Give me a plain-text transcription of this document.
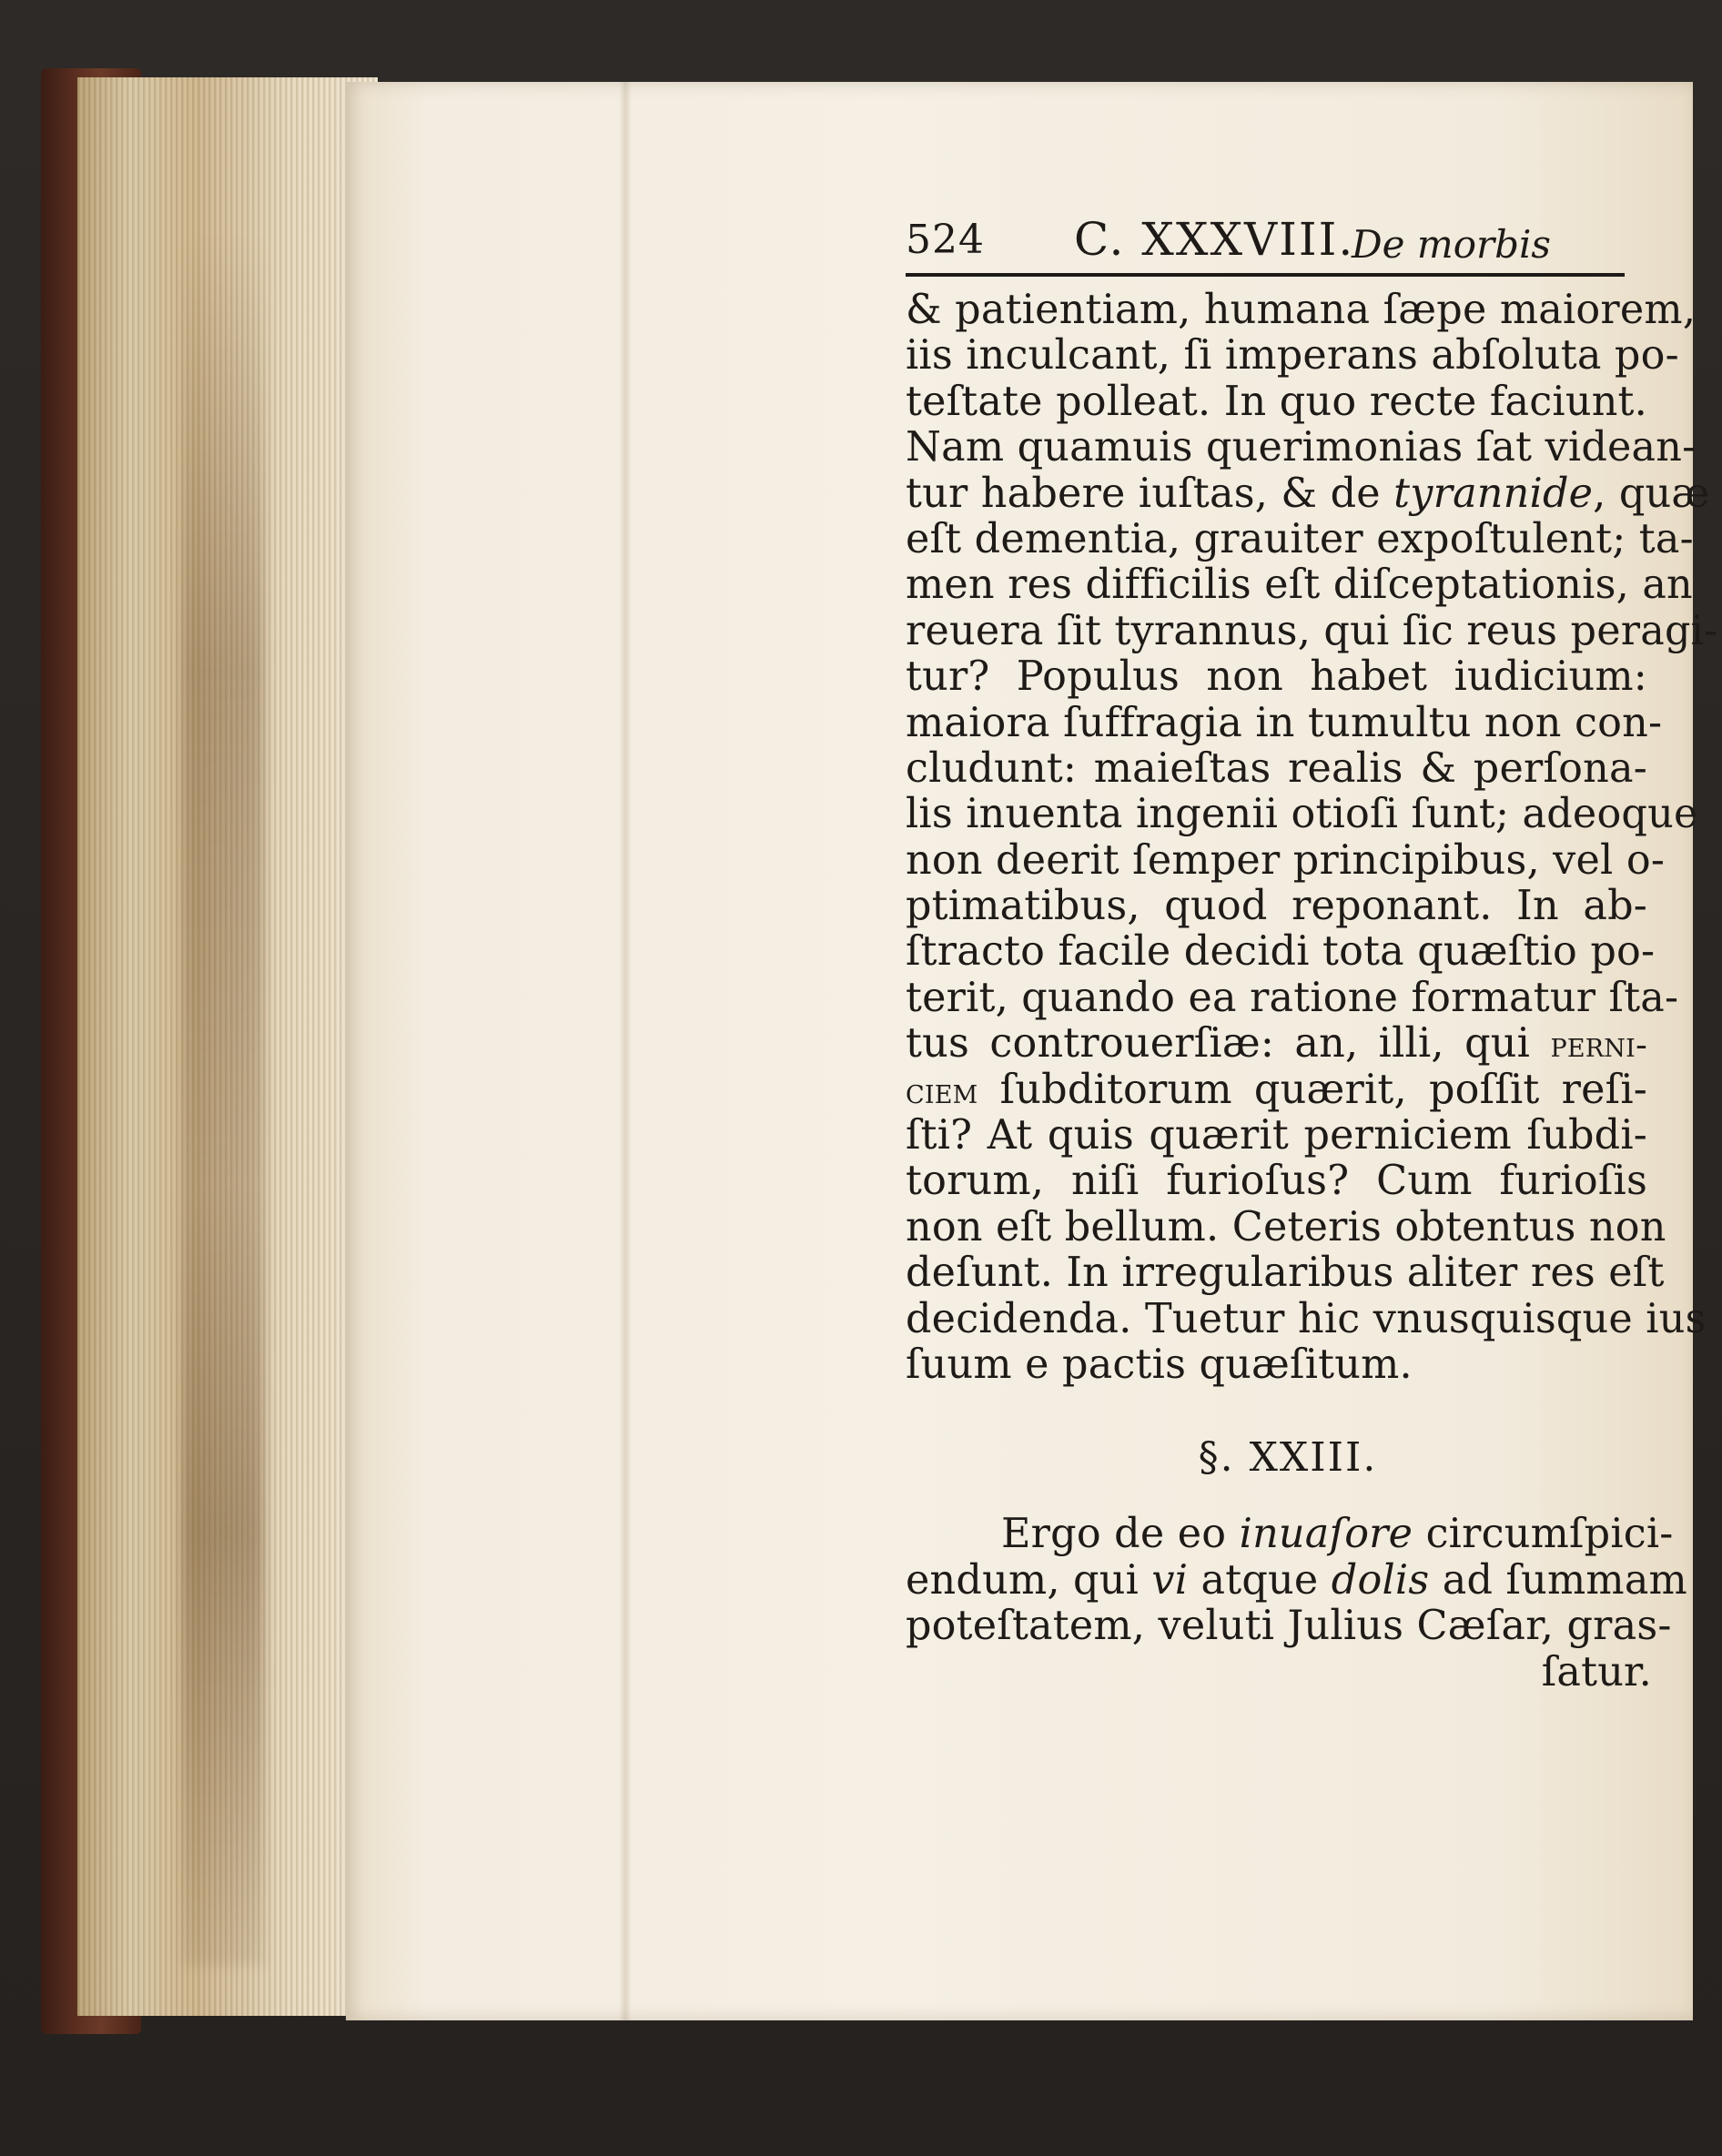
524 C. XXXVIII.
De morbis
& patientiam, humana ſæpe maiorem,
iis inculcant, ſi imperans abſoluta po-
teſtate polleat. In quo recte faciunt.
Nam quamuis querimonias ſat videan-
tur habere iuſtas, & de tyrannide, quæ
eſt dementia, grauiter expoſtulent; ta-
men res difficilis eſt diſceptationis, an
reuera ſit tyrannus, qui ſic reus peragi-
tur? Populus non habet iudicium:
maiora ſuffragia in tumultu non con-
cludunt: maieſtas realis & perſona-
lis inuenta ingenii otioſi ſunt; adeoque
non deerit ſemper principibus, vel o-
ptimatibus, quod reponant. In ab-
ſtracto facile decidi tota quæſtio po-
terit, quando ea ratione formatur ſta-
tus controuerſiæ: an, illi, qui perni-
ciem ſubditorum quærit, poſſit reſi-
ſti? At quis quærit perniciem ſubdi-
torum, niſi furioſus? Cum furioſis
non eſt bellum. Ceteris obtentus non
deſunt. In irregularibus aliter res eſt
decidenda. Tuetur hic vnusquisque ius
ſuum e pactis quæſitum.
§. XXIII.
Ergo de eo inuaſore circumſpici-
endum, qui vi atque dolis ad ſummam
poteſtatem, veluti Julius Cæſar, gras-
ſatur.
